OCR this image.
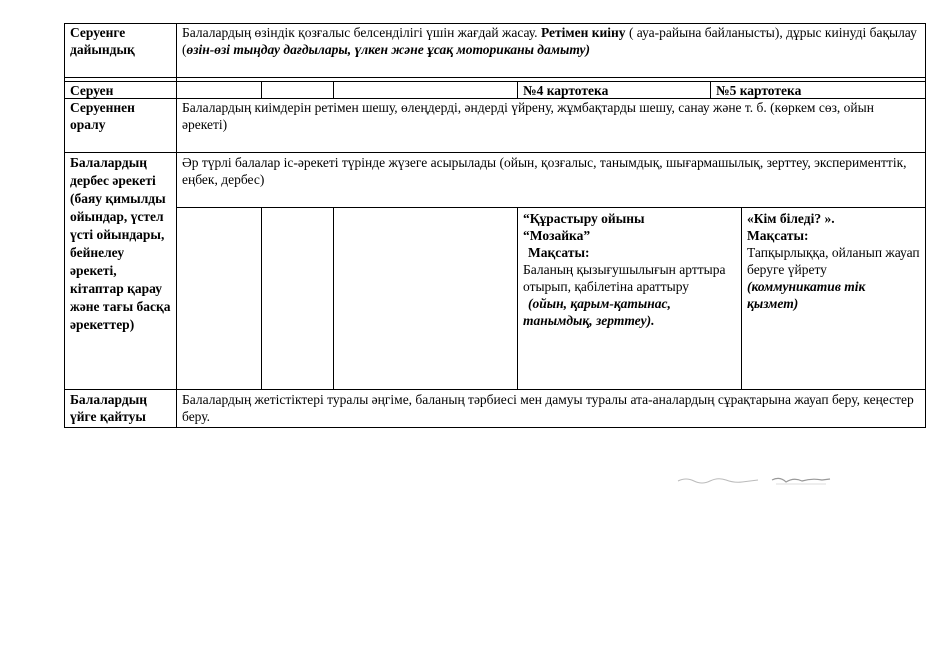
Серуенге дайындық
Балалардың өзіндік қозғалыс белсенділігі үшін жағдай жасау. Ретімен киіну ( ауа-райына байланысты), дұрыс киінуді бақылау (өзін-өзі тыңдау дағдылары, үлкен және ұсақ моториканы дамыту)
Серуен	№4 картотека	№5 картотека
Серуеннен оралу
Балалардың киімдерін ретімен шешу, өлеңдерді, әндерді үйрену, жұмбақтарды шешу, санау және т. б. (көркем сөз, ойын әрекеті)
Балалардың дербес әрекеті (баяу қимылды ойындар, үстел үсті ойындары, бейнелеу әрекеті, кітаптар қарау және тағы басқа әрекеттер)
Әр түрлі балалар іс-әрекеті түрінде жүзеге асырылады (ойын, қозғалыс, танымдық, шығармашылық, зерттеу, эксперименттік, еңбек, дербес)
“Құрастыру ойыны
“Мозайка”
Мақсаты:
Баланың қызығушылығын арттыра отырып, қабілетіна араттыру
(ойын, қарым-қатынас, танымдық, зерттеу).
«Кім біледі? ».
Мақсаты:
Тапқырлыққа, ойланып жауап беруге үйрету
(коммуникатив тік қызмет)
Балалардың үйге қайтуы
Балалардың жетістіктері туралы әңгіме, баланың тәрбиесі мен дамуы туралы ата-аналардың сұрақтарына жауап беру, кеңестер беру.
